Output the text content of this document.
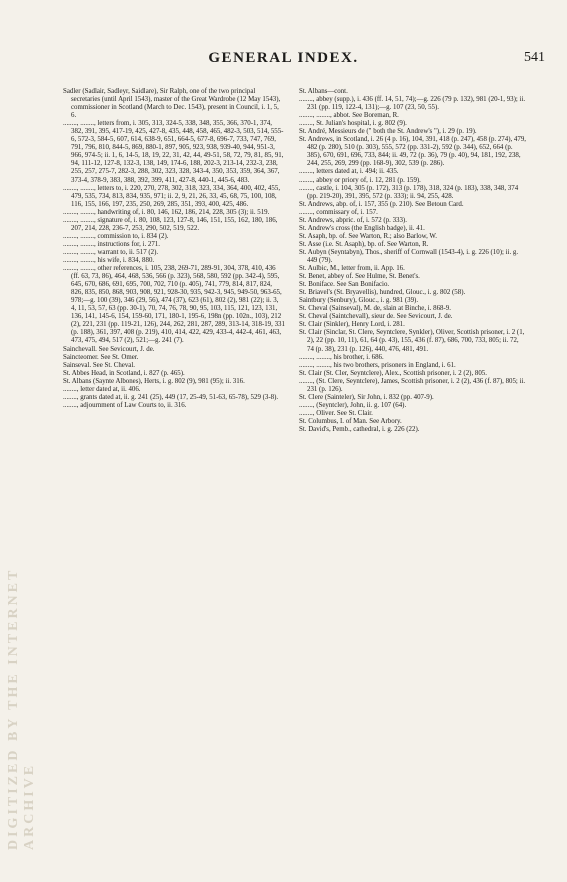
GENERAL INDEX.	541
DIGITIZED BY THE INTERNET ARCHIVE

Sadler (Sadlair, Sadleyr, Saidlare), Sir Ralph, one of the two principal secretaries (until April 1543), master of the Great Wardrobe (12 May 1543), commissioner in Scotland (March to Dec. 1543), present in Council, i. 1, 5, 6.

........, ........, letters from, i. 305, 313, 324-5, 338, 348, 355, 366, 370-1, 374, 382, 391, 395, 417-19, 425, 427-8, 435, 448, 458, 465, 482-3, 503, 514, 555-6, 572-3, 584-5, 607, 614, 638-9, 651, 664-5, 677-8, 696-7, 733, 747, 769, 791, 796, 810, 844-5, 869, 880-1, 897, 905, 923, 938, 939-40, 944, 951-3, 966, 974-5; ii. 1, 6, 14-5, 18, 19, 22, 31, 42, 44, 49-51, 58, 72, 79, 81, 85, 91, 94, 111-12, 127-8, 132-3, 138, 149, 174-6, 188, 202-3, 213-14, 232-3, 238, 255, 257, 275-7, 282-3, 288, 302, 323, 328, 343-4, 350, 353, 359, 364, 367, 373-4, 378-9, 383, 388, 392, 399, 411, 427-8, 440-1, 445-6, 483.

........, ........, letters to, i. 220, 270, 278, 302, 318, 323, 334, 364, 400, 402, 455, 479, 535, 734, 813, 834, 935, 971; ii. 2, 9, 21, 26, 33, 45, 68, 75, 100, 108, 116, 155, 166, 197, 235, 250, 269, 285, 351, 393, 400, 425, 486.

........, ........, handwriting of, i. 80, 146, 162, 186, 214, 228, 305 (3); ii. 519.

........, ........, signature of, i. 80, 108, 123, 127-8, 146, 151, 155, 162, 180, 186, 207, 214, 228, 236-7, 253, 290, 502, 519, 522.

........, ........, commission to, i. 834 (2).

........, ........, instructions for, i. 271.

........, ........, warrant to, ii. 517 (2).

........, ........, his wife, i. 834, 880.

........, ........, other references, i. 105, 238, 269-71, 289-91, 304, 378, 410, 436 (ff. 63, 73, 86), 464, 468, 536, 566 (p. 323), 568, 580, 592 (pp. 342-4), 595, 645, 670, 686, 691, 695, 700, 702, 710 (p. 405), 741, 779, 814, 817, 824, 826, 835, 850, 868, 903, 908, 921, 928-30, 935, 942-3, 945, 949-50, 963-65, 978;—g. 100 (39), 346 (29, 56), 474 (37), 623 (61), 802 (2), 981 (22); ii. 3, 4, 11, 53, 57, 63 (pp. 30-1), 70, 74, 76, 78, 90, 95, 103, 115, 121, 123, 131, 136, 141, 145-6, 154, 159-60, 171, 180-1, 195-6, 198n (pp. 102n., 103), 212 (2), 221, 231 (pp. 119-21, 126), 244, 262, 281, 287, 289, 313-14, 318-19, 331 (p. 188), 361, 397, 408 (p. 219), 410, 414, 422, 429, 433-4, 442-4, 461, 463, 473, 475, 494, 517 (2), 521;—g. 241 (7).

Sainchevall. See Sevicourt, J. de.

Saincteomer. See St. Omer.

Sainseval. See St. Cheval.

St. Abbes Head, in Scotland, i. 827 (p. 465).

St. Albans (Saynte Albones), Herts, i. g. 802 (9), 981 (95); ii. 316.

........, letter dated at, ii. 406.

........, grants dated at, ii. g. 241 (25), 449 (17, 25-49, 51-63, 65-78), 529 (3-8).

........, adjournment of Law Courts to, ii. 316.

St. Albans—cont.

........, abbey (supp.), i. 436 (ff. 14, 51, 74);—g. 226 (79 p. 132), 981 (20-1, 93); ii. 231 (pp. 119, 122-4, 131);—g. 107 (23, 50, 55).

........, ........, abbot. See Boreman, R.

........, St. Julian's hospital, i. g. 802 (9).

St. André, Messieurs de (" both the St. Andrew's "), i. 29 (p. 19).

St. Andrews, in Scotland, i. 26 (4 p. 16), 104, 391, 418 (p. 247), 458 (p. 274), 479, 482 (p. 280), 510 (p. 303), 555, 572 (pp. 331-2), 592 (p. 344), 652, 664 (p. 385), 670, 691, 696, 733, 844; ii. 49, 72 (p. 36), 79 (p. 40), 94, 181, 192, 238, 244, 255, 269, 299 (pp. 168-9), 302, 539 (p. 286).

........, letters dated at, i. 494; ii. 435.

........, abbey or priory of, i. 12, 281 (p. 159).

........, castle, i. 104, 305 (p. 172), 313 (p. 178), 318, 324 (p. 183), 338, 348, 374 (pp. 219-20), 391, 395, 572 (p. 333); ii. 94, 255, 428.

St. Andrews, abp. of, i. 157, 355 (p. 210). See Betoun Card.

........, commissary of, i. 157.

St. Andrews, abpric. of, i. 572 (p. 333).

St. Andrew's cross (the English badge), ii. 41.

St. Asaph, bp. of. See Warton, R.; also Barlow, W.

St. Asse (i.e. St. Asaph), bp. of. See Warton, R.

St. Aubyn (Seyntabyn), Thos., sheriff of Cornwall (1543-4), i. g. 226 (10); ii. g. 449 (79).

St. Aulbic, M., letter from, ii. App. 16.

St. Benet, abbey of. See Hulme, St. Benet's.

St. Boniface. See San Bonifacio.

St. Briavel's (St. Bryavellis), hundred, Glouc., i. g. 802 (58).

Saintbury (Senbury), Glouc., i. g. 981 (39).

St. Cheval (Sainseval), M. de, slain at Binche, i. 868-9.

St. Cheval (Saintchevall), sieur de. See Sevicourt, J. de.

St. Clair (Sinkler), Henry Lord, i. 281.

St. Clair (Sinclar, St. Clere, Seyntclere, Synkler), Oliver, Scottish prisoner, i. 2 (1, 2), 22 (pp. 10, 11), 61, 64 (p. 43), 155, 436 (f. 87), 686, 700, 733, 805; ii. 72, 74 (p. 38), 231 (p. 126), 440, 476, 481, 491.

........, ........, his brother, i. 686.

........, ........, his two brothers, prisoners in England, i. 61.

St. Clair (St. Cler, Seyntclere), Alex., Scottish prisoner, i. 2 (2), 805.

........, (St. Clere, Seyntclere), James, Scottish prisoner, i. 2 (2), 436 (f. 87), 805; ii. 231 (p. 126).

St. Clere (Sainteler), Sir John, i. 832 (pp. 407-9).

........, (Seyntcler), John, ii. g. 107 (64).

........, Oliver. See St. Clair.

St. Columbus, I. of Man. See Arbory.

St. David's, Pemb., cathedral, i. g. 226 (22).
